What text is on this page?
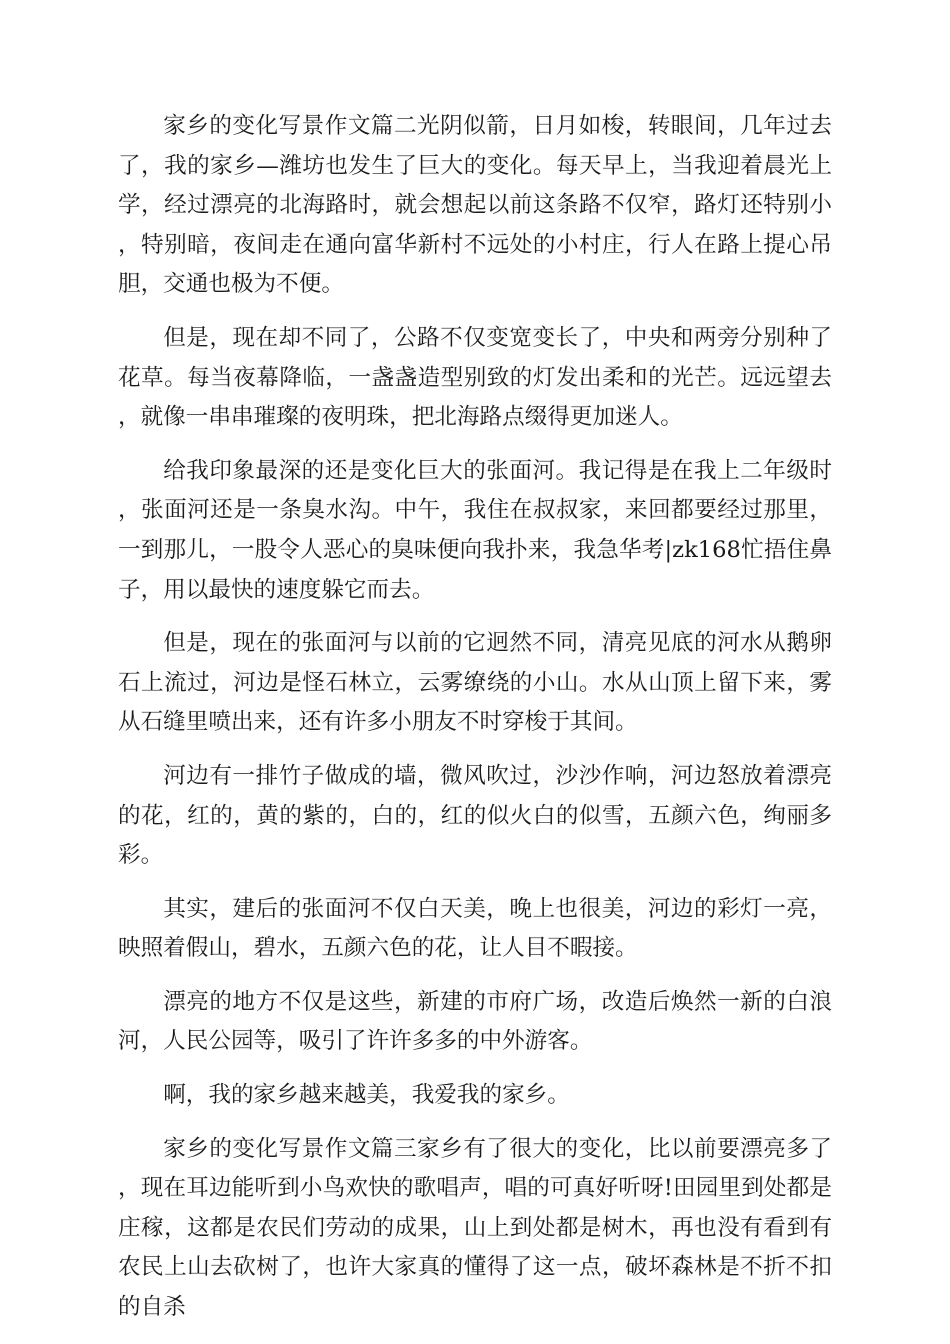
家乡的变化写景作文篇二光阴似箭，日月如梭，转眼间，几年过去了，我的家乡—潍坊也发生了巨大的变化。每天早上，当我迎着晨光上学，经过漂亮的北海路时，就会想起以前这条路不仅窄，路灯还特别小，特别暗，夜间走在通向富华新村不远处的小村庄，行人在路上提心吊胆，交通也极为不便。

但是，现在却不同了，公路不仅变宽变长了，中央和两旁分别种了花草。每当夜幕降临，一盏盏造型别致的灯发出柔和的光芒。远远望去，就像一串串璀璨的夜明珠，把北海路点缀得更加迷人。

给我印象最深的还是变化巨大的张面河。我记得是在我上二年级时，张面河还是一条臭水沟。中午，我住在叔叔家，来回都要经过那里，一到那儿，一股令人恶心的臭味便向我扑来，我急华考|zk168忙捂住鼻子，用以最快的速度躲它而去。

但是，现在的张面河与以前的它迥然不同，清亮见底的河水从鹅卵石上流过，河边是怪石林立，云雾缭绕的小山。水从山顶上留下来，雾从石缝里喷出来，还有许多小朋友不时穿梭于其间。

河边有一排竹子做成的墙，微风吹过，沙沙作响，河边怒放着漂亮的花，红的，黄的紫的，白的，红的似火白的似雪，五颜六色，绚丽多彩。

其实，建后的张面河不仅白天美，晚上也很美，河边的彩灯一亮，映照着假山，碧水，五颜六色的花，让人目不暇接。

漂亮的地方不仅是这些，新建的市府广场，改造后焕然一新的白浪河，人民公园等，吸引了许许多多的中外游客。

啊，我的家乡越来越美，我爱我的家乡。

家乡的变化写景作文篇三家乡有了很大的变化，比以前要漂亮多了，现在耳边能听到小鸟欢快的歌唱声，唱的可真好听呀!田园里到处都是庄稼，这都是农民们劳动的成果，山上到处都是树木，再也没有看到有农民上山去砍树了，也许大家真的懂得了这一点，破坏森林是不折不扣的自杀
